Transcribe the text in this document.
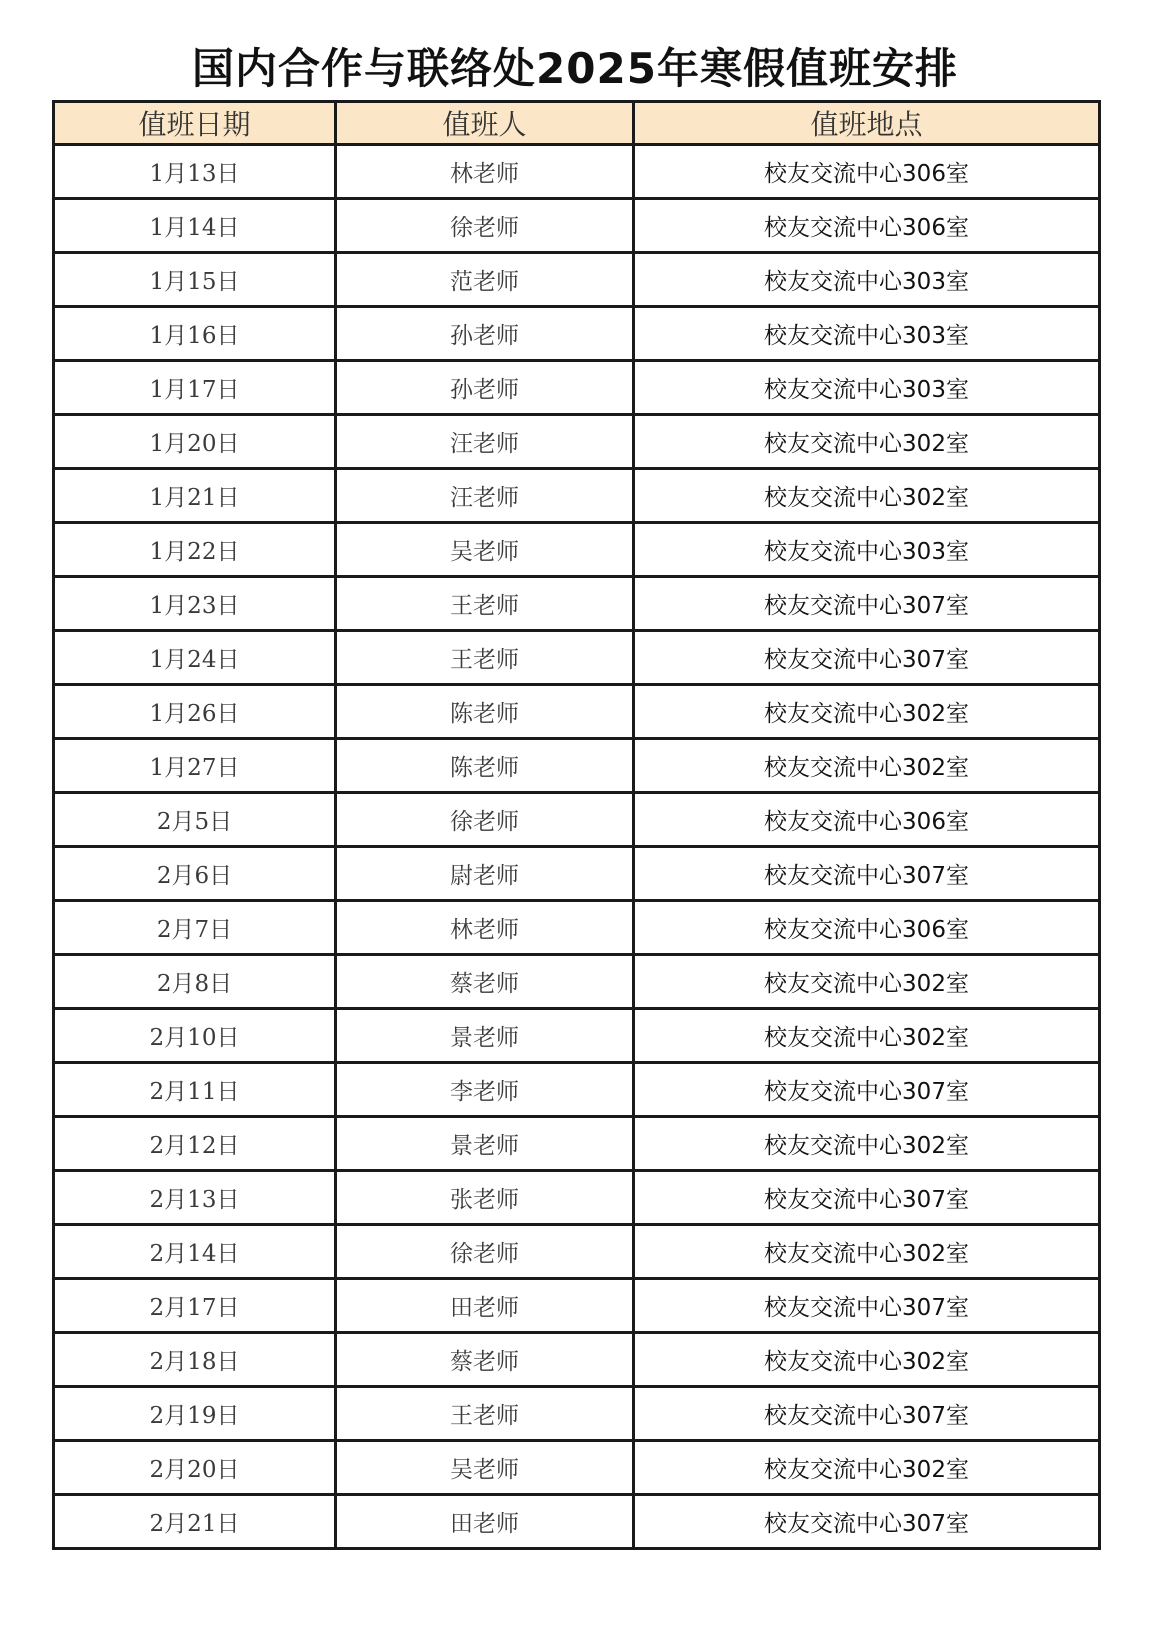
国内合作与联络处2025年寒假值班安排
值班日期	值班人	值班地点
1月13日	林老师	校友交流中心306室
1月14日	徐老师	校友交流中心306室
1月15日	范老师	校友交流中心303室
1月16日	孙老师	校友交流中心303室
1月17日	孙老师	校友交流中心303室
1月20日	汪老师	校友交流中心302室
1月21日	汪老师	校友交流中心302室
1月22日	吴老师	校友交流中心303室
1月23日	王老师	校友交流中心307室
1月24日	王老师	校友交流中心307室
1月26日	陈老师	校友交流中心302室
1月27日	陈老师	校友交流中心302室
2月5日	徐老师	校友交流中心306室
2月6日	尉老师	校友交流中心307室
2月7日	林老师	校友交流中心306室
2月8日	蔡老师	校友交流中心302室
2月10日	景老师	校友交流中心302室
2月11日	李老师	校友交流中心307室
2月12日	景老师	校友交流中心302室
2月13日	张老师	校友交流中心307室
2月14日	徐老师	校友交流中心302室
2月17日	田老师	校友交流中心307室
2月18日	蔡老师	校友交流中心302室
2月19日	王老师	校友交流中心307室
2月20日	吴老师	校友交流中心302室
2月21日	田老师	校友交流中心307室
